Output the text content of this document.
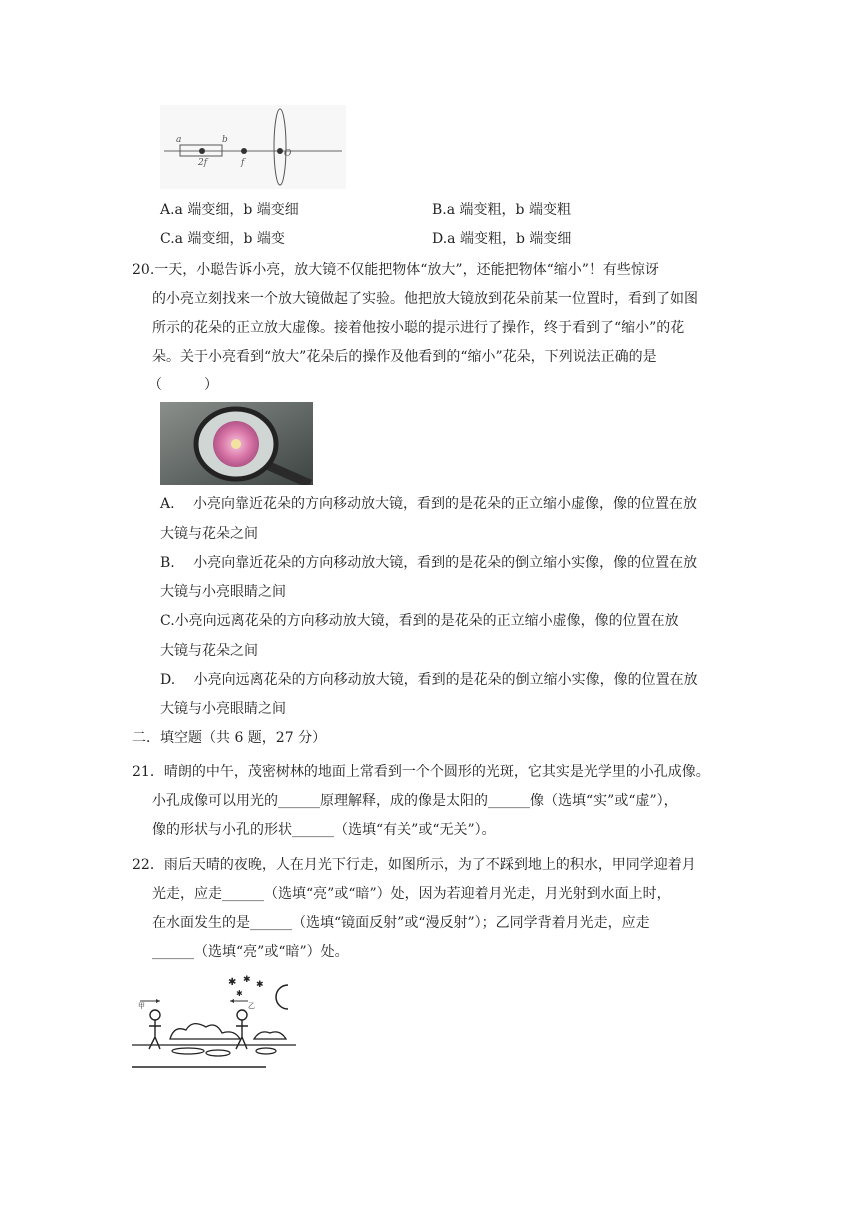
a	b
2f	f
O
A.a 端变细，b 端变细	B.a 端变粗，b 端变粗
C.a 端变细，b 端变	D.a 端变粗，b 端变细
20.一天，小聪告诉小亮，放大镜不仅能把物体“放大”，还能把物体“缩小”！有些惊讶
的小亮立刻找来一个放大镜做起了实验。他把放大镜放到花朵前某一位置时，看到了如图
所示的花朵的正立放大虚像。接着他按小聪的提示进行了操作，终于看到了“缩小”的花
朵。关于小亮看到“放大”花朵后的操作及他看到的“缩小”花朵，下列说法正确的是
（　　　）
A.　 小亮向靠近花朵的方向移动放大镜，看到的是花朵的正立缩小虚像，像的位置在放
大镜与花朵之间
B.　 小亮向靠近花朵的方向移动放大镜，看到的是花朵的倒立缩小实像，像的位置在放
大镜与小亮眼睛之间
C.小亮向远离花朵的方向移动放大镜，看到的是花朵的正立缩小虚像，像的位置在放
大镜与花朵之间
D.　 小亮向远离花朵的方向移动放大镜，看到的是花朵的倒立缩小实像，像的位置在放
大镜与小亮眼睛之间
二．填空题（共 6 题，27 分）
21．晴朗的中午，茂密树林的地面上常看到一个个圆形的光斑，它其实是光学里的小孔成像。
小孔成像可以用光的______原理解释，成的像是太阳的______像（选填“实”或“虚”），
像的形状与小孔的形状______（选填“有关”或“无关”）。
22．雨后天晴的夜晚，人在月光下行走，如图所示，为了不踩到地上的积水，甲同学迎着月
光走，应走______（选填“亮”或“暗”）处，因为若迎着月光走，月光射到水面上时，
在水面发生的是______（选填“镜面反射”或“漫反射”）；乙同学背着月光走，应走
______（选填“亮”或“暗”）处。
✱ ✱ ✱
✱
甲	乙
